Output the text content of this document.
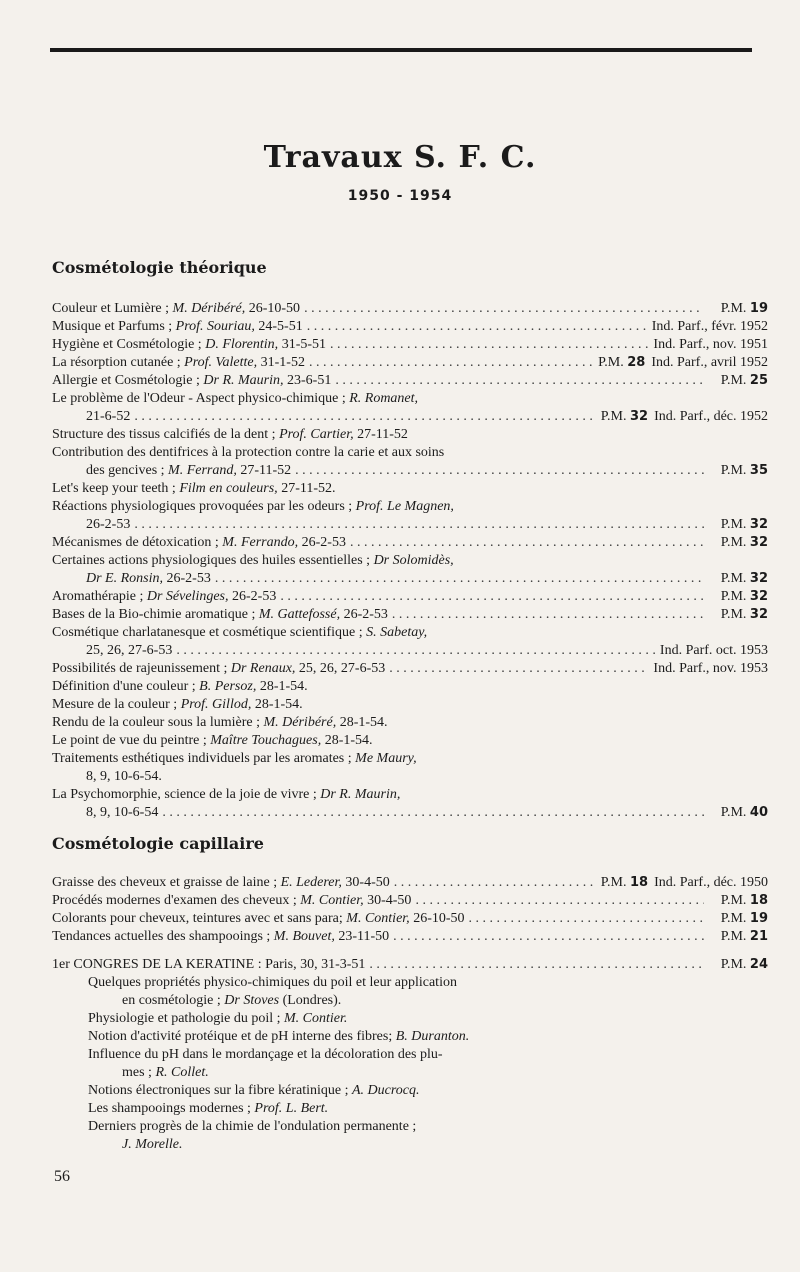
Travaux S. F. C.
1950 - 1954
Cosmétologie théorique
Couleur et Lumière ; M. Déribéré, 26-10-50 . . .	P.M. 19
Musique et Parfums ; Prof. Souriau, 24-5-51 . . .	Ind. Parf., févr. 1952
Hygiène et Cosmétologie ; D. Florentin, 31-5-51 . . .	Ind. Parf., nov. 1951
La résorption cutanée ; Prof. Valette, 31-1-52 . . .	P.M. 28 Ind. Parf., avril 1952
Allergie et Cosmétologie ; Dr R. Maurin, 23-6-51 . . .	P.M. 25
Le problème de l'Odeur - Aspect physico-chimique ; R. Romanet,
21-6-52 . . .	P.M. 32 Ind. Parf., déc. 1952
Structure des tissus calcifiés de la dent ; Prof. Cartier, 27-11-52
Contribution des dentifrices à la protection contre la carie et aux soins
des gencives ; M. Ferrand, 27-11-52 . . .	P.M. 35
Let's keep your teeth ; Film en couleurs, 27-11-52.
Réactions physiologiques provoquées par les odeurs ; Prof. Le Magnen,
26-2-53 . . .	P.M. 32
Mécanismes de détoxication ; M. Ferrando, 26-2-53 . . .	P.M. 32
Certaines actions physiologiques des huiles essentielles ; Dr Solomidès,
Dr E. Ronsin, 26-2-53 . . .	P.M. 32
Aromathérapie ; Dr Sévelinges, 26-2-53 . . .	P.M. 32
Bases de la Bio-chimie aromatique ; M. Gattefossé, 26-2-53 . . .	P.M. 32
Cosmétique charlatanesque et cosmétique scientifique ; S. Sabetay,
25, 26, 27-6-53 . . .	Ind. Parf. oct. 1953
Possibilités de rajeunissement ; Dr Renaux, 25, 26, 27-6-53 . . .	Ind. Parf., nov. 1953
Définition d'une couleur ; B. Persoz, 28-1-54.
Mesure de la couleur ; Prof. Gillod, 28-1-54.
Rendu de la couleur sous la lumière ; M. Déribéré, 28-1-54.
Le point de vue du peintre ; Maître Touchagues, 28-1-54.
Traitements esthétiques individuels par les aromates ; Me Maury,
8, 9, 10-6-54.
La Psychomorphie, science de la joie de vivre ; Dr R. Maurin,
8, 9, 10-6-54 . . .	P.M. 40
Cosmétologie capillaire
Graisse des cheveux et graisse de laine ; E. Lederer, 30-4-50 . . .	P.M. 18 Ind. Parf., déc. 1950
Procédés modernes d'examen des cheveux ; M. Contier, 30-4-50 . . .	P.M. 18
Colorants pour cheveux, teintures avec et sans para; M. Contier, 26-10-50 . . .	P.M. 19
Tendances actuelles des shampooings ; M. Bouvet, 23-11-50 . . .	P.M. 21
1er CONGRES DE LA KERATINE : Paris, 30, 31-3-51 . . .	P.M. 24
Quelques propriétés physico-chimiques du poil et leur application
en cosmétologie ; Dr Stoves (Londres).
Physiologie et pathologie du poil ; M. Contier.
Notion d'activité protéique et de pH interne des fibres; B. Duranton.
Influence du pH dans le mordançage et la décoloration des plu-
mes ; R. Collet.
Notions électroniques sur la fibre kératinique ; A. Ducrocq.
Les shampooings modernes ; Prof. L. Bert.
Derniers progrès de la chimie de l'ondulation permanente ;
J. Morelle.
56
